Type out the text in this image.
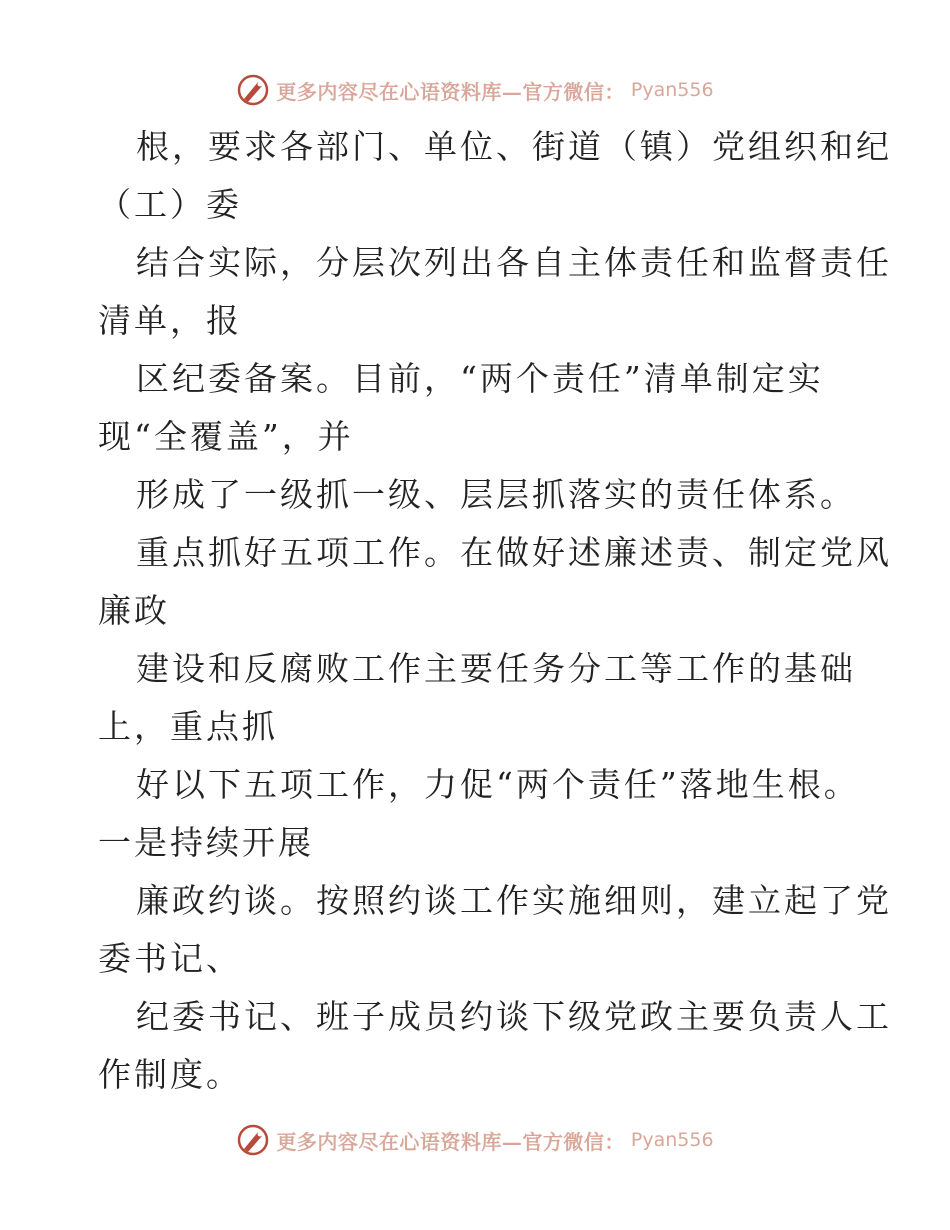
更多内容尽在心语资料库—官方微信： Pyan556
根，要求各部门、单位、街道（镇）党组织和纪
（工）委
结合实际，分层次列出各自主体责任和监督责任
清单，报
区纪委备案。目前，“两个责任”清单制定实
现“全覆盖”，并
形成了一级抓一级、层层抓落实的责任体系。
重点抓好五项工作。在做好述廉述责、制定党风
廉政
建设和反腐败工作主要任务分工等工作的基础
上，重点抓
好以下五项工作，力促“两个责任”落地生根。
一是持续开展
廉政约谈。按照约谈工作实施细则，建立起了党
委书记、
纪委书记、班子成员约谈下级党政主要负责人工
作制度。
更多内容尽在心语资料库—官方微信： Pyan556
